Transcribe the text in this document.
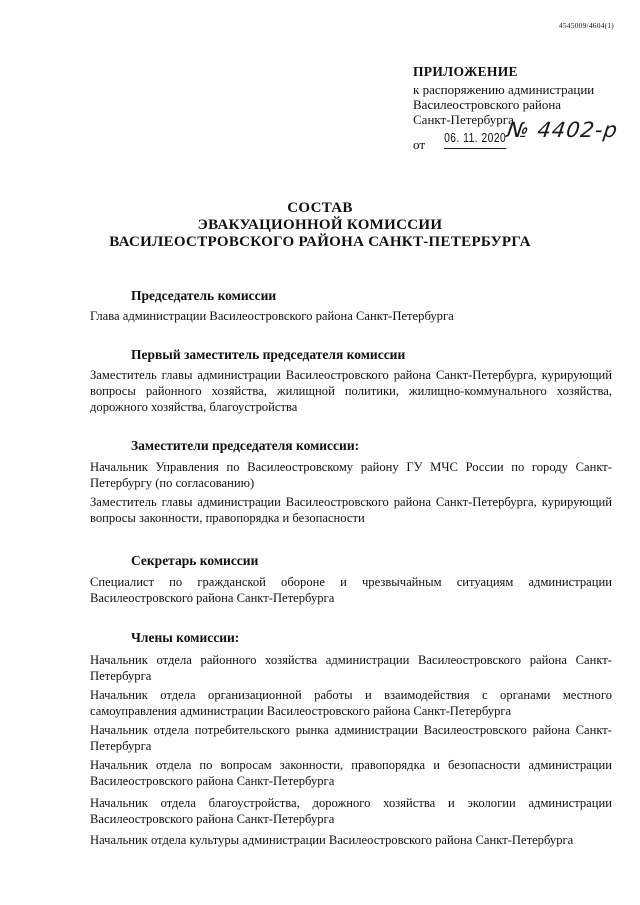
4545009/4604(1)
ПРИЛОЖЕНИЕ
к распоряжению администрации
Василеостровского района
Санкт-Петербурга
от 06. 11. 2020 № 4402-р
СОСТАВ
ЭВАКУАЦИОННОЙ КОМИССИИ
ВАСИЛЕОСТРОВСКОГО РАЙОНА САНКТ-ПЕТЕРБУРГА
Председатель комиссии
Глава администрации Василеостровского района Санкт-Петербурга
Первый заместитель председателя комиссии
Заместитель главы администрации Василеостровского района Санкт-Петербурга, курирующий вопросы районного хозяйства, жилищной политики, жилищно-коммунального хозяйства, дорожного хозяйства, благоустройства
Заместители председателя комиссии:
Начальник Управления по Василеостровскому району ГУ МЧС России по городу Санкт-Петербургу (по согласованию)
Заместитель главы администрации Василеостровского района Санкт-Петербурга, курирующий вопросы законности, правопорядка и безопасности
Секретарь комиссии
Специалист по гражданской обороне и чрезвычайным ситуациям администрации Василеостровского района Санкт-Петербурга
Члены комиссии:
Начальник отдела районного хозяйства администрации Василеостровского района Санкт-Петербурга
Начальник отдела организационной работы и взаимодействия с органами местного самоуправления администрации Василеостровского района Санкт-Петербурга
Начальник отдела потребительского рынка администрации Василеостровского района Санкт-Петербурга
Начальник отдела по вопросам законности, правопорядка и безопасности администрации Василеостровского района Санкт-Петербурга
Начальник отдела благоустройства, дорожного хозяйства и экологии администрации Василеостровского района Санкт-Петербурга
Начальник отдела культуры администрации Василеостровского района Санкт-Петербурга
